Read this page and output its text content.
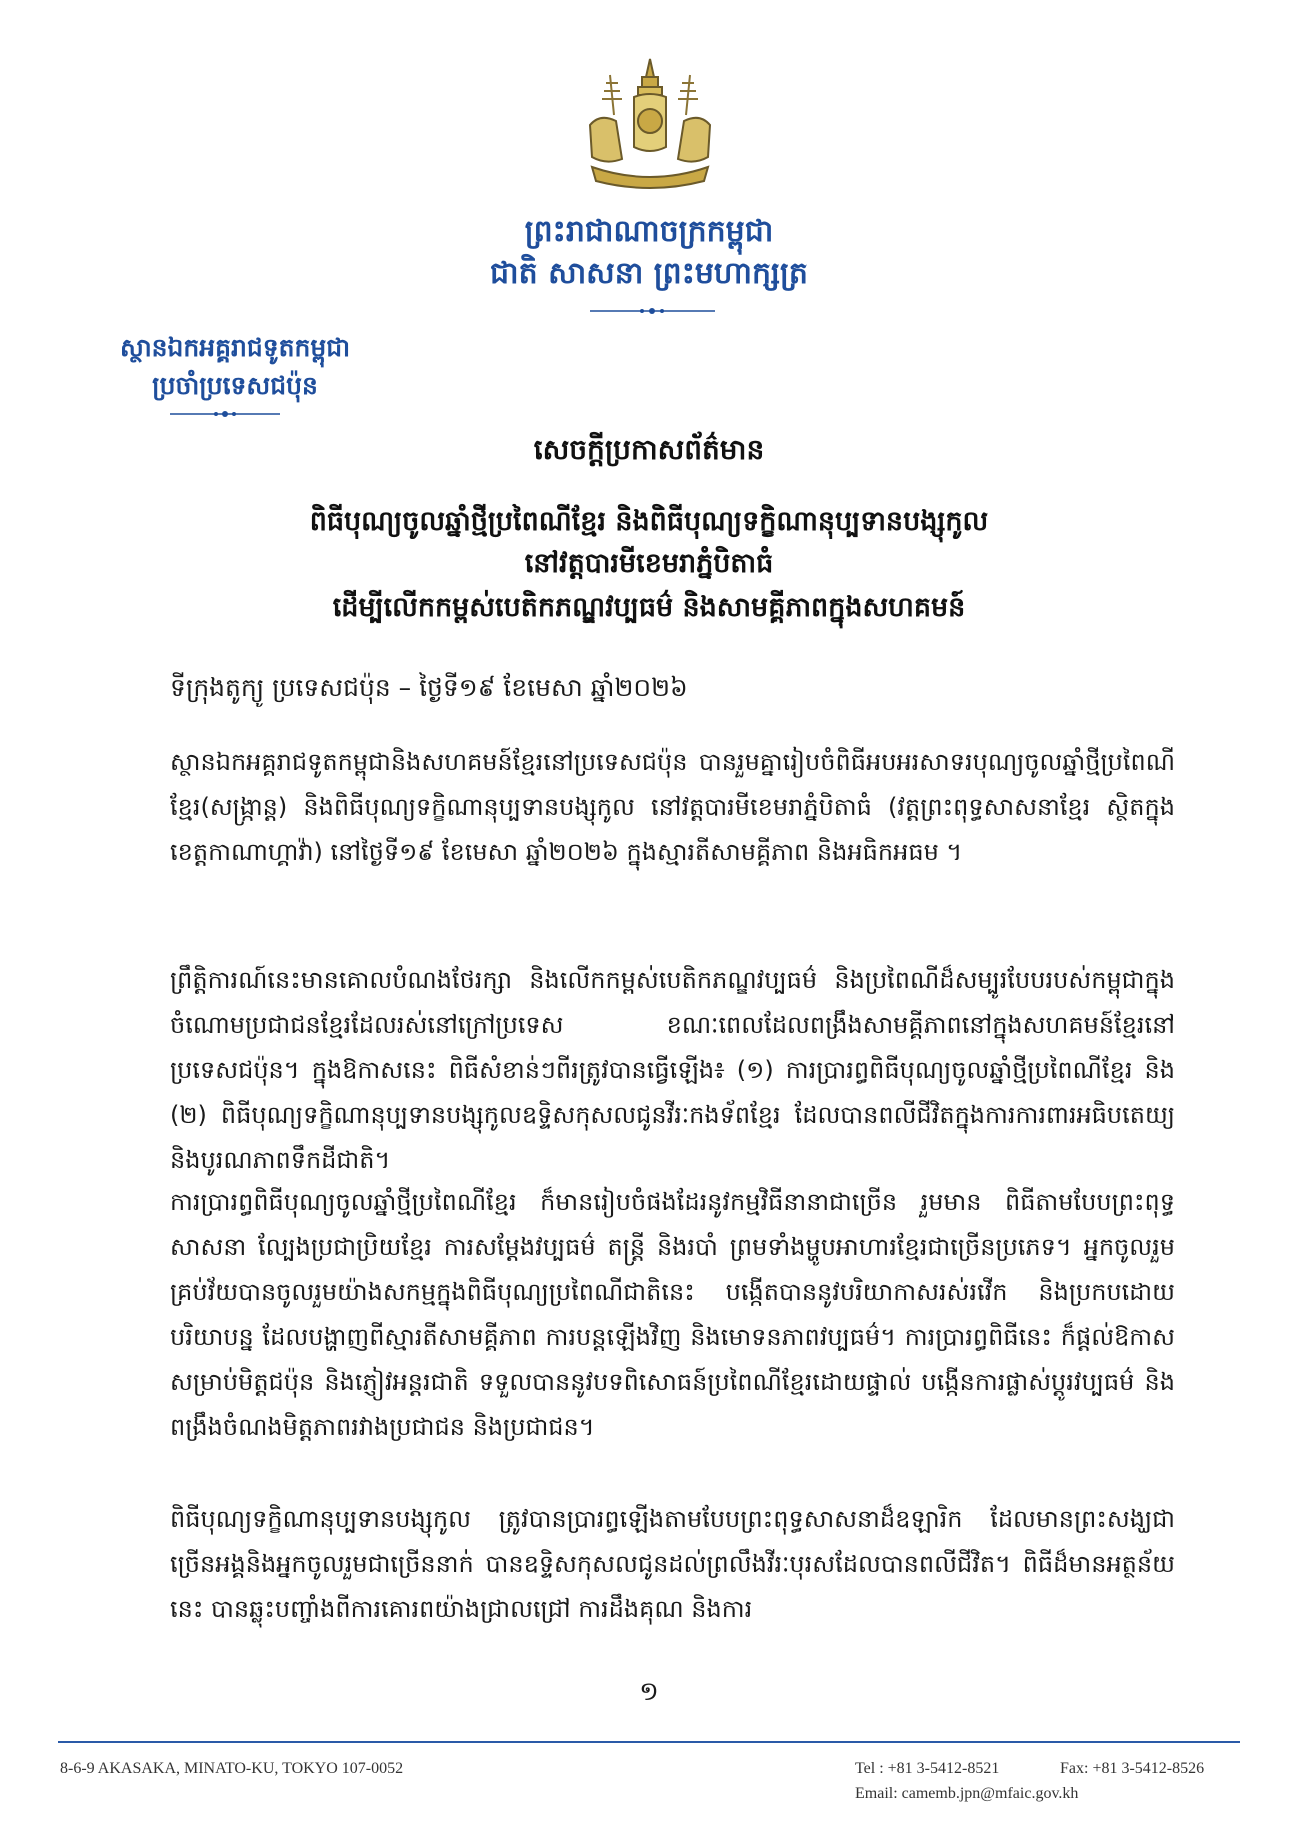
ព្រះរាជាណាចក្រកម្ពុជា
ជាតិ សាសនា ព្រះមហាក្សត្រ
ស្ថានឯកអគ្គរាជទូតកម្ពុជា
ប្រចាំប្រទេសជប៉ុន
សេចក្តីប្រកាសព័ត៌មាន
ពិធីបុណ្យចូលឆ្នាំថ្មីប្រពៃណីខ្មែរ និងពិធីបុណ្យទក្ខិណានុប្បទានបង្សុកូល
នៅវត្តបារមីខេមរាភ្នំបិតាធំ
ដើម្បីលើកកម្ពស់បេតិកភណ្ឌវប្បធម៌ និងសាមគ្គីភាពក្នុងសហគមន៍
ទីក្រុងតូក្យូ ប្រទេសជប៉ុន – ថ្ងៃទី១៩ ខែមេសា ឆ្នាំ២០២៦

ស្ថានឯកអគ្គរាជទូតកម្ពុជានិងសហគមន៍ខ្មែរនៅប្រទេសជប៉ុន បានរួមគ្នារៀបចំពិធីអបអរសាទរបុណ្យចូលឆ្នាំថ្មីប្រពៃណីខ្មែរ(សង្ក្រាន្ត) និងពិធីបុណ្យទក្ខិណានុប្បទានបង្សុកូល នៅវត្តបារមីខេមរាភ្នំបិតាធំ (វត្តព្រះពុទ្ធសាសនាខ្មែរ ស្ថិតក្នុងខេត្តកាណាហ្គាវ៉ា) នៅថ្ងៃទី១៩ ខែមេសា ឆ្នាំ២០២៦ ក្នុងស្មារតីសាមគ្គីភាព និងអធិកអធម ។

ព្រឹត្តិការណ៍នេះមានគោលបំណងថែរក្សា និងលើកកម្ពស់បេតិកភណ្ឌវប្បធម៌ និងប្រពៃណីដ៏សម្បូរបែបរបស់កម្ពុជាក្នុងចំណោមប្រជាជនខ្មែរដែលរស់នៅក្រៅប្រទេស ខណៈពេលដែលពង្រឹងសាមគ្គីភាពនៅក្នុងសហគមន៍ខ្មែរនៅប្រទេសជប៉ុន។ ក្នុងឱកាសនេះ ពិធីសំខាន់ៗពីរត្រូវបានធ្វើឡើង៖ (១) ការប្រារព្ធពិធីបុណ្យចូលឆ្នាំថ្មីប្រពៃណីខ្មែរ និង (២) ពិធីបុណ្យទក្ខិណានុប្បទានបង្សុកូលឧទ្ទិសកុសលជូនវីរៈកងទ័ពខ្មែរ ដែលបានពលីជីវិតក្នុងការការពារអធិបតេយ្យ និងបូរណភាពទឹកដីជាតិ។

ការប្រារព្ធពិធីបុណ្យចូលឆ្នាំថ្មីប្រពៃណីខ្មែរ ក៏មានរៀបចំផងដែរនូវកម្មវិធីនានាជាច្រើន រួមមាន ពិធីតាមបែបព្រះពុទ្ធសាសនា ល្បែងប្រជាប្រិយខ្មែរ ការសម្តែងវប្បធម៌ តន្ត្រី និងរបាំ ព្រមទាំងម្ហូបអាហារខ្មែរជាច្រើនប្រភេទ។ អ្នកចូលរួមគ្រប់វ័យបានចូលរួមយ៉ាងសកម្មក្នុងពិធីបុណ្យប្រពៃណីជាតិនេះ បង្កើតបាននូវបរិយាកាសរស់រវើក និងប្រកបដោយបរិយាបន្ន ដែលបង្ហាញពីស្មារតីសាមគ្គីភាព ការបន្តឡើងវិញ និងមោទនភាពវប្បធម៌។ ការប្រារព្ធពិធីនេះ ក៏ផ្តល់ឱកាសសម្រាប់មិត្តជប៉ុន និងភ្ញៀវអន្តរជាតិ ទទួលបាននូវបទពិសោធន៍ប្រពៃណីខ្មែរដោយផ្ទាល់ បង្កើនការផ្លាស់ប្តូរវប្បធម៌ និងពង្រឹងចំណងមិត្តភាពរវាងប្រជាជន និងប្រជាជន។

ពិធីបុណ្យទក្ខិណានុប្បទានបង្សុកូល ត្រូវបានប្រារព្ធឡើងតាមបែបព្រះពុទ្ធសាសនាដ៏ឧឡារិក ដែលមានព្រះសង្ឃជាច្រើនអង្គនិងអ្នកចូលរួមជាច្រើននាក់ បានឧទ្ទិសកុសលជូនដល់ព្រលឹងវីរៈបុរសដែលបានពលីជីវិត។ ពិធីដ៏មានអត្ថន័យនេះ បានឆ្លុះបញ្ចាំងពីការគោរពយ៉ាងជ្រាលជ្រៅ ការដឹងគុណ និងការ

១
8-6-9 AKASAKA, MINATO-KU, TOKYO 107-0052	Tel : +81 3-5412-8521	Fax: +81 3-5412-8526
Email: camemb.jpn@mfaic.gov.kh
